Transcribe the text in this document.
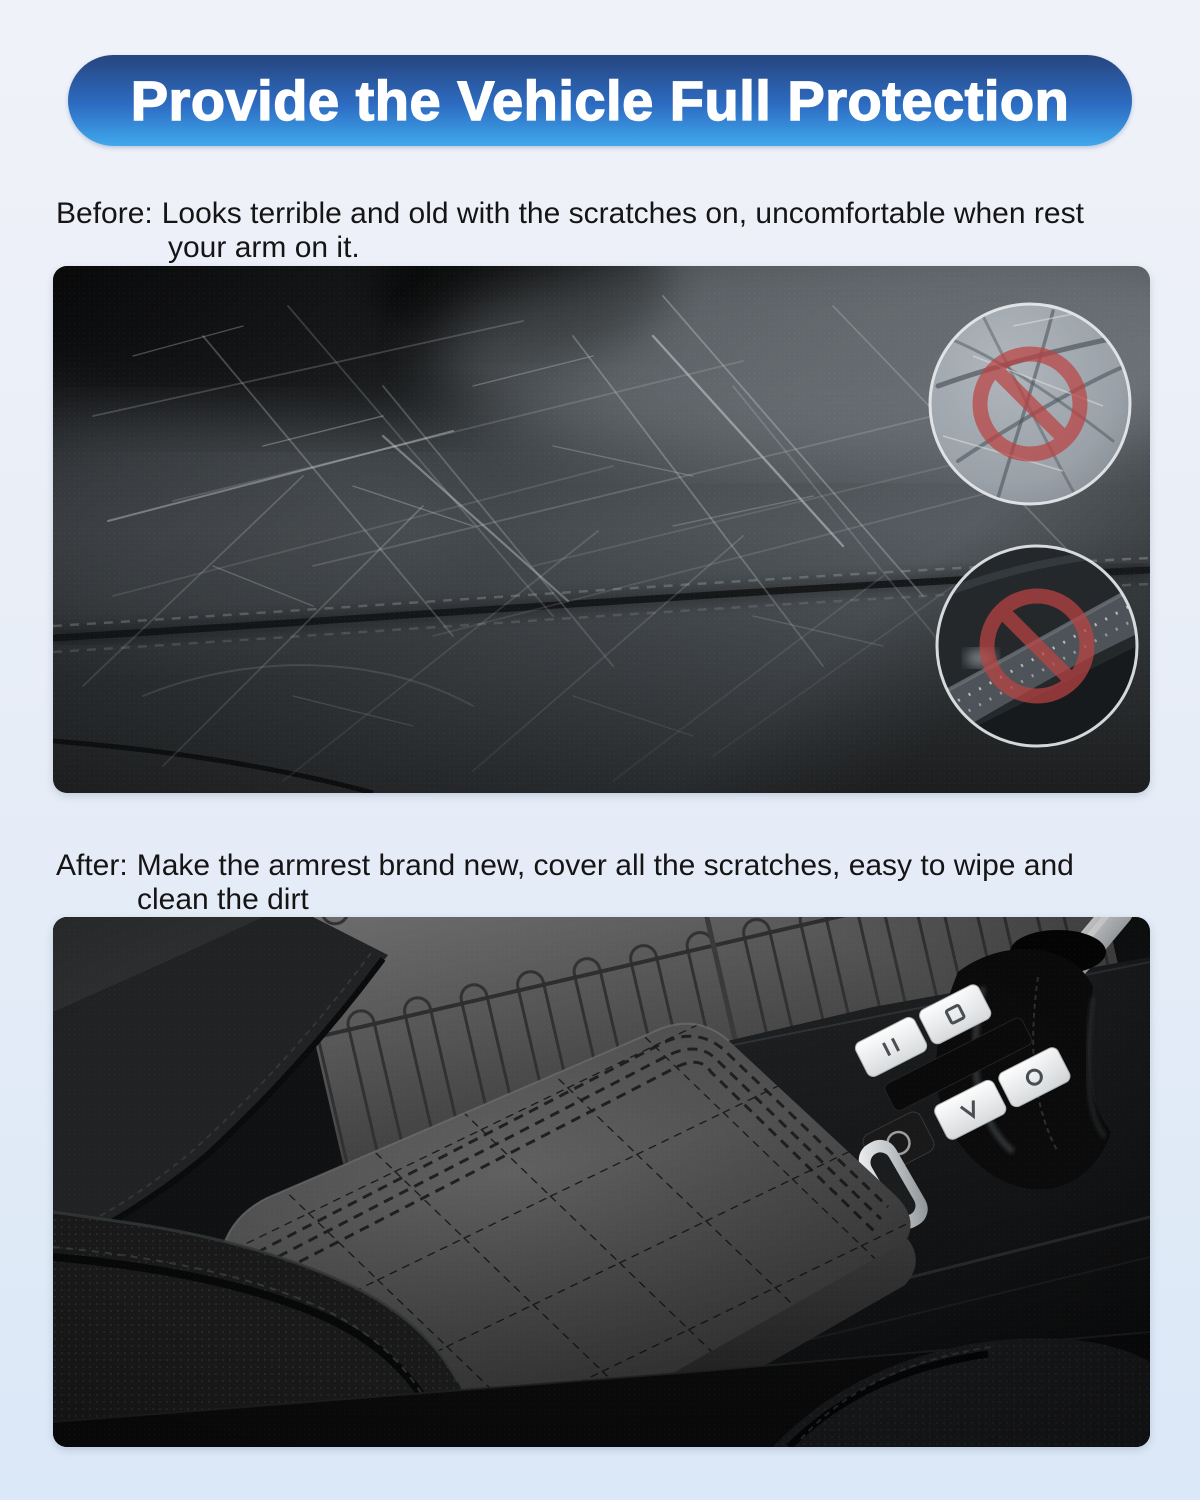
Provide the Vehicle Full Protection

Before: Looks terrible and old with the scratches on, uncomfortable when rest
your arm on it.

After: Make the armrest brand new, cover all the scratches, easy to wipe and
clean the dirt
